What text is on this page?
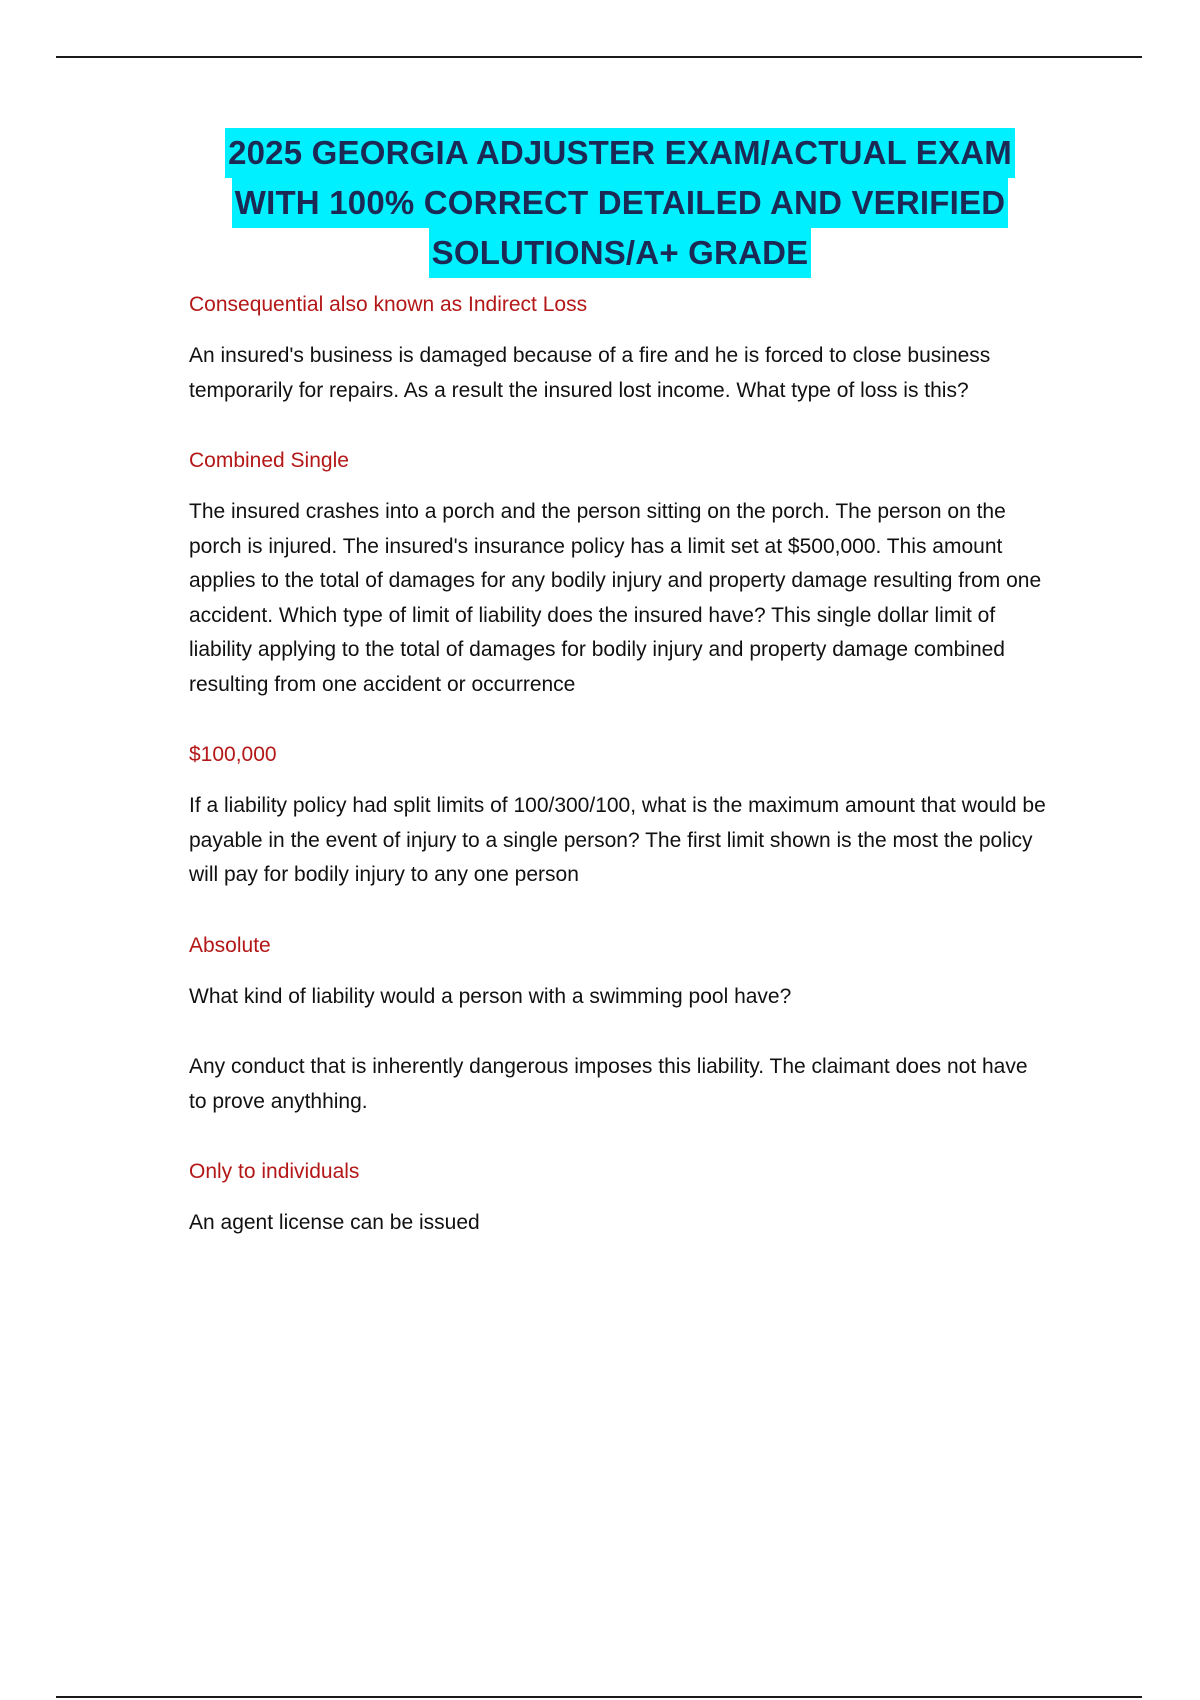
2025 GEORGIA ADJUSTER EXAM/ACTUAL EXAM
WITH 100% CORRECT DETAILED AND VERIFIED
SOLUTIONS/A+ GRADE

Consequential also known as Indirect Loss

An insured's business is damaged because of a fire and he is forced to close business temporarily for repairs. As a result the insured lost income. What type of loss is this?

Combined Single

The insured crashes into a porch and the person sitting on the porch. The person on the porch is injured. The insured's insurance policy has a limit set at $500,000. This amount applies to the total of damages for any bodily injury and property damage resulting from one accident. Which type of limit of liability does the insured have? This single dollar limit of liability applying to the total of damages for bodily injury and property damage combined resulting from one accident or occurrence

$100,000

If a liability policy had split limits of 100/300/100, what is the maximum amount that would be payable in the event of injury to a single person? The first limit shown is the most the policy will pay for bodily injury to any one person

Absolute

What kind of liability would a person with a swimming pool have?

Any conduct that is inherently dangerous imposes this liability. The claimant does not have to prove anythhing.

Only to individuals

An agent license can be issued
